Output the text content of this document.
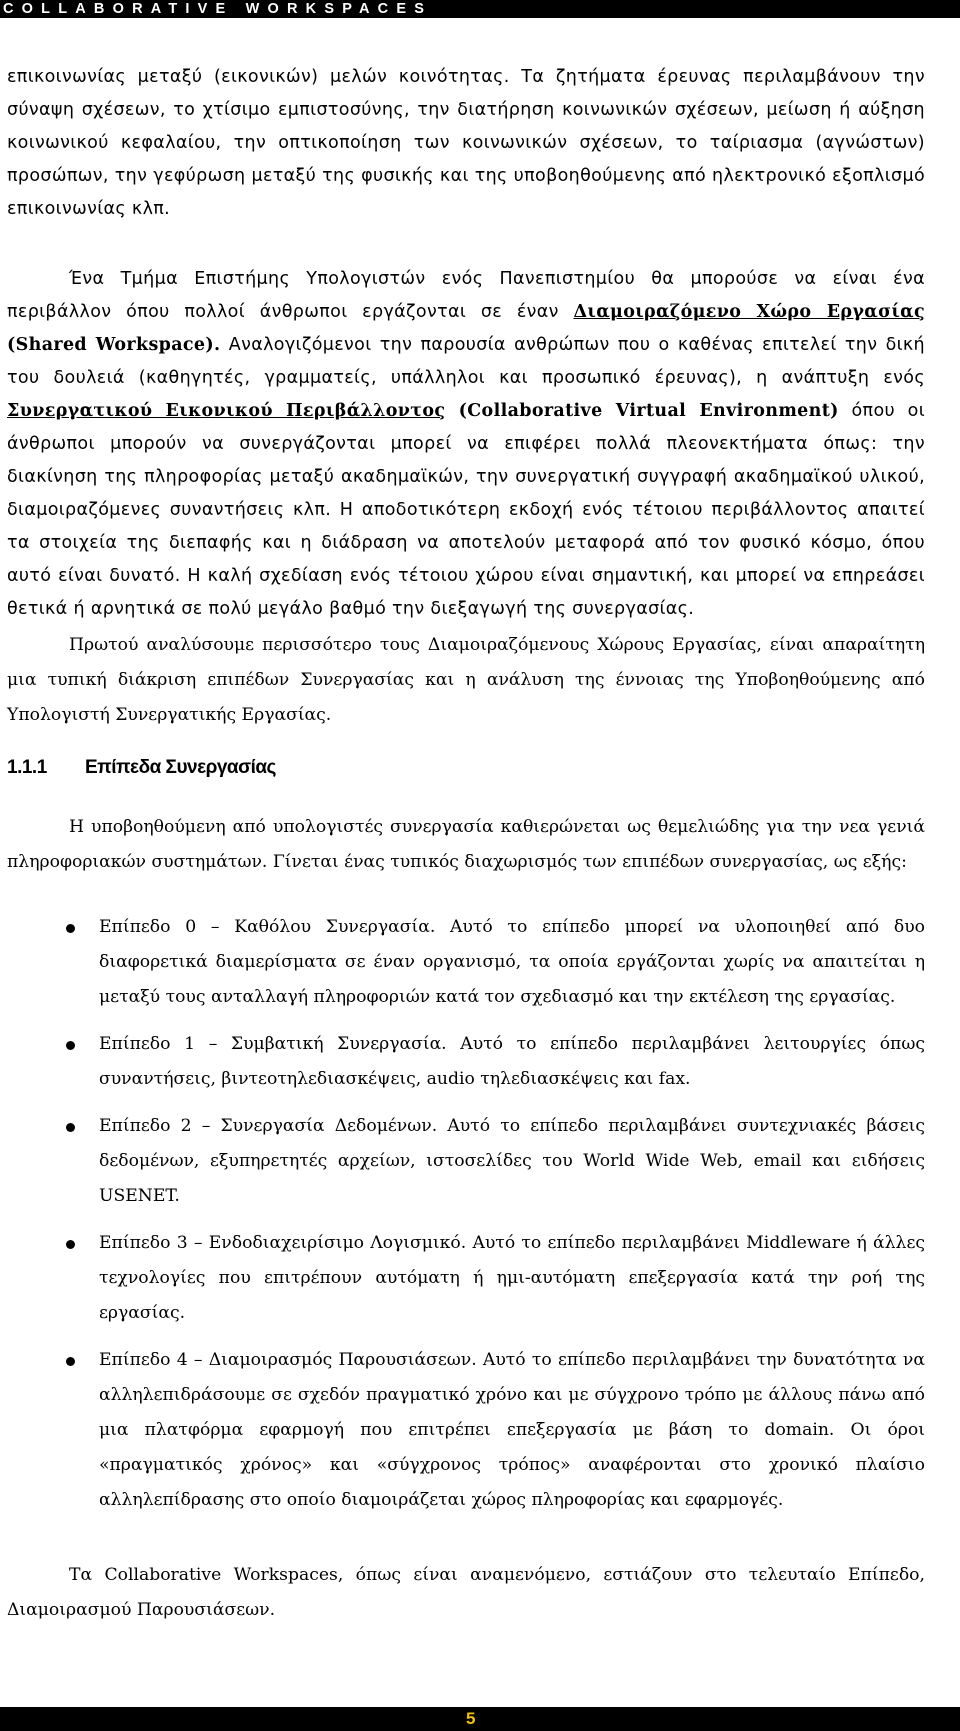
COLLABORATIVE WORKSPACES

επικοινωνίας μεταξύ (εικονικών) μελών κοινότητας. Τα ζητήματα έρευνας περιλαμβάνουν την σύναψη σχέσεων, το χτίσιμο εμπιστοσύνης, την διατήρηση κοινωνικών σχέσεων, μείωση ή αύξηση κοινωνικού κεφαλαίου, την οπτικοποίηση των κοινωνικών σχέσεων, το ταίριασμα (αγνώστων) προσώπων, την γεφύρωση μεταξύ της φυσικής και της υποβοηθούμενης από ηλεκτρονικό εξοπλισμό επικοινωνίας κλπ.

Ένα Τμήμα Επιστήμης Υπολογιστών ενός Πανεπιστημίου θα μπορούσε να είναι ένα περιβάλλον όπου πολλοί άνθρωποι εργάζονται σε έναν Διαμοιραζόμενο Χώρο Εργασίας (Shared Workspace). Αναλογιζόμενοι την παρουσία ανθρώπων που ο καθένας επιτελεί την δική του δουλειά (καθηγητές, γραμματείς, υπάλληλοι και προσωπικό έρευνας), η ανάπτυξη ενός Συνεργατικού Εικονικού Περιβάλλοντος (Collaborative Virtual Environment) όπου οι άνθρωποι μπορούν να συνεργάζονται μπορεί να επιφέρει πολλά πλεονεκτήματα όπως: την διακίνηση της πληροφορίας μεταξύ ακαδημαϊκών, την συνεργατική συγγραφή ακαδημαϊκού υλικού, διαμοιραζόμενες συναντήσεις κλπ. Η αποδοτικότερη εκδοχή ενός τέτοιου περιβάλλοντος απαιτεί τα στοιχεία της διεπαφής και η διάδραση να αποτελούν μεταφορά από τον φυσικό κόσμο, όπου αυτό είναι δυνατό. Η καλή σχεδίαση ενός τέτοιου χώρου είναι σημαντική, και μπορεί να επηρεάσει θετικά ή αρνητικά σε πολύ μεγάλο βαθμό την διεξαγωγή της συνεργασίας.

Πρωτού αναλύσουμε περισσότερο τους Διαμοιραζόμενους Χώρους Εργασίας, είναι απαραίτητη μια τυπική διάκριση επιπέδων Συνεργασίας και η ανάλυση της έννοιας της Υποβοηθούμενης από Υπολογιστή Συνεργατικής Εργασίας.

1.1.1 Επίπεδα Συνεργασίας

Η υποβοηθούμενη από υπολογιστές συνεργασία καθιερώνεται ως θεμελιώδης για την νεα γενιά πληροφοριακών συστημάτων. Γίνεται ένας τυπικός διαχωρισμός των επιπέδων συνεργασίας, ως εξής:

Επίπεδο 0 – Καθόλου Συνεργασία. Αυτό το επίπεδο μπορεί να υλοποιηθεί από δυο διαφορετικά διαμερίσματα σε έναν οργανισμό, τα οποία εργάζονται χωρίς να απαιτείται η μεταξύ τους ανταλλαγή πληροφοριών κατά τον σχεδιασμό και την εκτέλεση της εργασίας.
Επίπεδο 1 – Συμβατική Συνεργασία. Αυτό το επίπεδο περιλαμβάνει λειτουργίες όπως συναντήσεις, βιντεοτηλεδιασκέψεις, audio τηλεδιασκέψεις και fax.
Επίπεδο 2 – Συνεργασία Δεδομένων. Αυτό το επίπεδο περιλαμβάνει συντεχνιακές βάσεις δεδομένων, εξυπηρετητές αρχείων, ιστοσελίδες του World Wide Web, email και ειδήσεις USENET.
Επίπεδο 3 – Ενδοδιαχειρίσιμο Λογισμικό. Αυτό το επίπεδο περιλαμβάνει Middleware ή άλλες τεχνολογίες που επιτρέπουν αυτόματη ή ημι-αυτόματη επεξεργασία κατά την ροή της εργασίας.
Επίπεδο 4 – Διαμοιρασμός Παρουσιάσεων. Αυτό το επίπεδο περιλαμβάνει την δυνατότητα να αλληλεπιδράσουμε σε σχεδόν πραγματικό χρόνο και με σύγχρονο τρόπο με άλλους πάνω από μια πλατφόρμα εφαρμογή που επιτρέπει επεξεργασία με βάση το domain. Οι όροι «πραγματικός χρόνος» και «σύγχρονος τρόπος» αναφέρονται στο χρονικό πλαίσιο αλληλεπίδρασης στο οποίο διαμοιράζεται χώρος πληροφορίας και εφαρμογές.

Τα Collaborative Workspaces, όπως είναι αναμενόμενο, εστιάζουν στο τελευταίο Επίπεδο, Διαμοιρασμού Παρουσιάσεων.

5
